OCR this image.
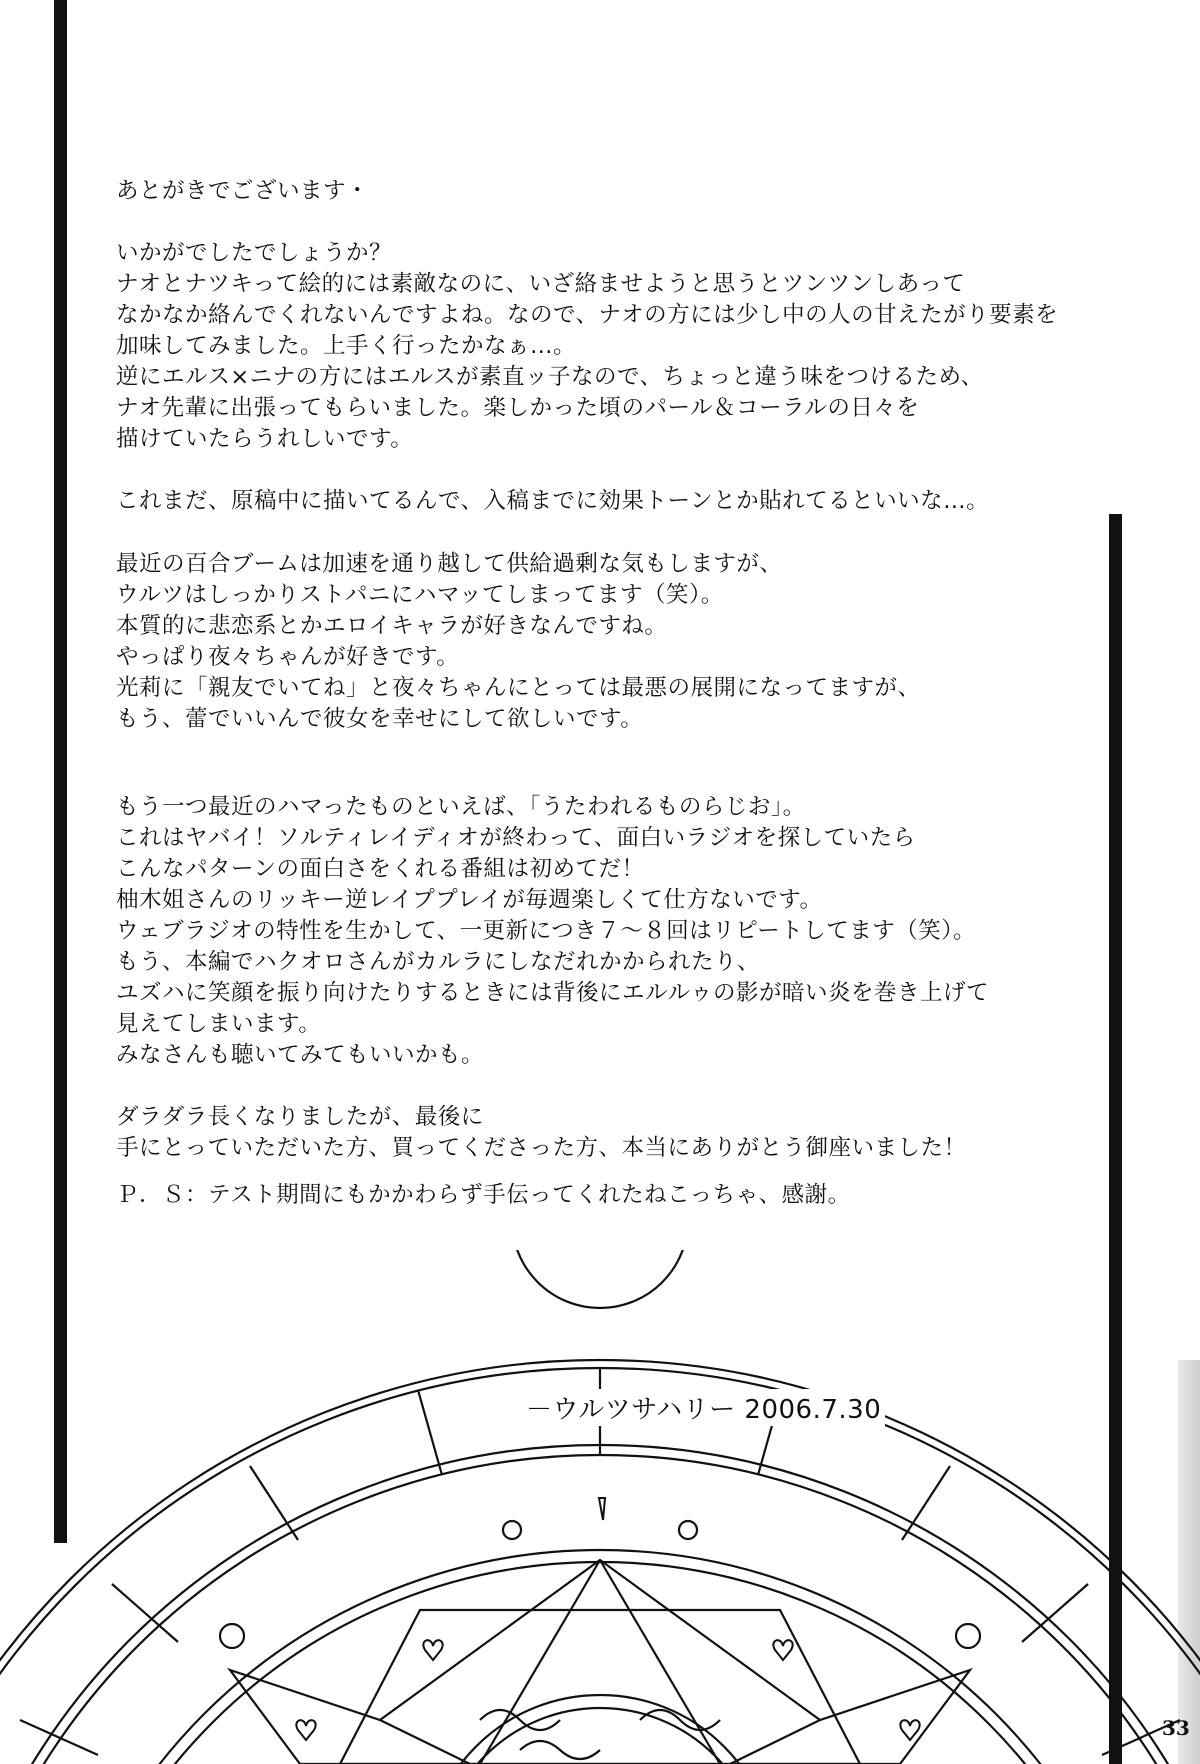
あとがきでございます・

いかがでしたでしょうか？
ナオとナツキって絵的には素敵なのに、いざ絡ませようと思うとツンツンしあって
なかなか絡んでくれないんですよね。なので、ナオの方には少し中の人の甘えたがり要素を
加味してみました。上手く行ったかなぁ…。
逆にエルス×ニナの方にはエルスが素直ッ子なので、ちょっと違う味をつけるため、
ナオ先輩に出張ってもらいました。楽しかった頃のパール＆コーラルの日々を
描けていたらうれしいです。

これまだ、原稿中に描いてるんで、入稿までに効果トーンとか貼れてるといいな…。
最近の百合ブームは加速を通り越して供給過剰な気もしますが、
ウルツはしっかりストパニにハマッてしまってます（笑）。
本質的に悲恋系とかエロイキャラが好きなんですね。
やっぱり夜々ちゃんが好きです。
光莉に「親友でいてね」と夜々ちゃんにとっては最悪の展開になってますが、
もう、蕾でいいんで彼女を幸せにして欲しいです。
もう一つ最近のハマったものといえば、「うたわれるものらじお」。
これはヤバイ！ソルティレイディオが終わって、面白いラジオを探していたら
こんなパターンの面白さをくれる番組は初めてだ！
柚木姐さんのリッキー逆レイププレイが毎週楽しくて仕方ないです。
ウェブラジオの特性を生かして、一更新につき７～８回はリピートしてます（笑）。
もう、本編でハクオロさんがカルラにしなだれかかられたり、
ユズハに笑顔を振り向けたりするときには背後にエルルゥの影が暗い炎を巻き上げて
見えてしまいます。
みなさんも聴いてみてもいいかも。

ダラダラ長くなりましたが、最後に
手にとっていただいた方、買ってくださった方、本当にありがとう御座いました！
Ｐ．Ｓ：テスト期間にもかかわらず手伝ってくれたねこっちゃ、感謝。
－ウルツサハリー 2006.7.30
33
